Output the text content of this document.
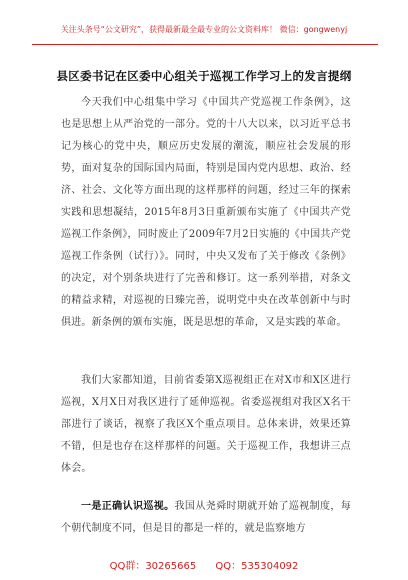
关注头条号“公文研究”，获得最新最全最专业的公文资料库！ 微信：gongwenyj
县区委书记在区委中心组关于巡视工作学习上的发言提纲

今天我们中心组集中学习《中国共产党巡视工作条例》，这也是思想上从严治党的一部分。党的十八大以来，以习近平总书记为核心的党中央，顺应历史发展的潮流，顺应社会发展的形势，面对复杂的国际国内局面，特别是国内党内思想、政治、经济、社会、文化等方面出现的这样那样的问题，经过三年的探索实践和思想凝结，2015年8月3日重新颁布实施了《中国共产党巡视工作条例》，同时废止了2009年7月2日实施的《中国共产党巡视工作条例（试行）》。同时，中央又发布了关于修改《条例》的决定，对个别条块进行了完善和修订。这一系列举措，对条文的精益求精，对巡视的日臻完善，说明党中央在改革创新中与时俱进。新条例的颁布实施，既是思想的革命，又是实践的革命。

我们大家都知道，目前省委第X巡视组正在对X市和X区进行巡视，X月X日对我区进行了延伸巡视。省委巡视组对我区X名干部进行了谈话，视察了我区X个重点项目。总体来讲，效果还算不错，但是也存在这样那样的问题。关于巡视工作，我想讲三点体会。

一是正确认识巡视。我国从尧舜时期就开始了巡视制度，每个朝代制度不同，但是目的都是一样的，就是监察地方

QQ群：30265665 QQ：535304092
